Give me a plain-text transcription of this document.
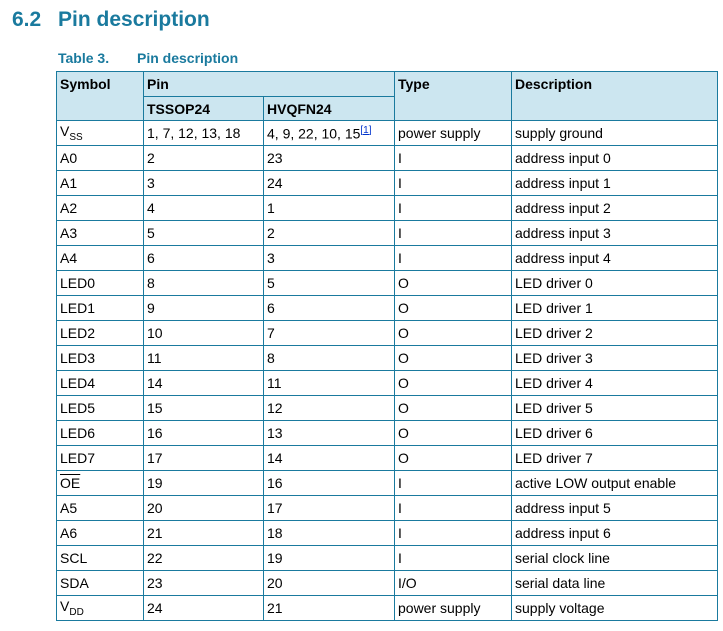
6.2 Pin description
Table 3. Pin description
Symbol	Pin		Type	Description
	TSSOP24	HVQFN24		
$V_{SS}$	1, 7, 12, 13, 18	4, 9, 22, 10, 15[1]	power supply	supply ground
A0	2	23	I	address input 0
A1	3	24	I	address input 1
A2	4	1	I	address input 2
A3	5	2	I	address input 3
A4	6	3	I	address input 4
LED0	8	5	O	LED driver 0
LED1	9	6	O	LED driver 1
LED2	10	7	O	LED driver 2
LED3	11	8	O	LED driver 3
LED4	14	11	O	LED driver 4
LED5	15	12	O	LED driver 5
LED6	16	13	O	LED driver 6
LED7	17	14	O	LED driver 7
$\overline{OE}$	19	16	I	active LOW output enable
A5	20	17	I	address input 5
A6	21	18	I	address input 6
SCL	22	19	I	serial clock line
SDA	23	20	I/O	serial data line
$V_{DD}$	24	21	power supply	supply voltage
